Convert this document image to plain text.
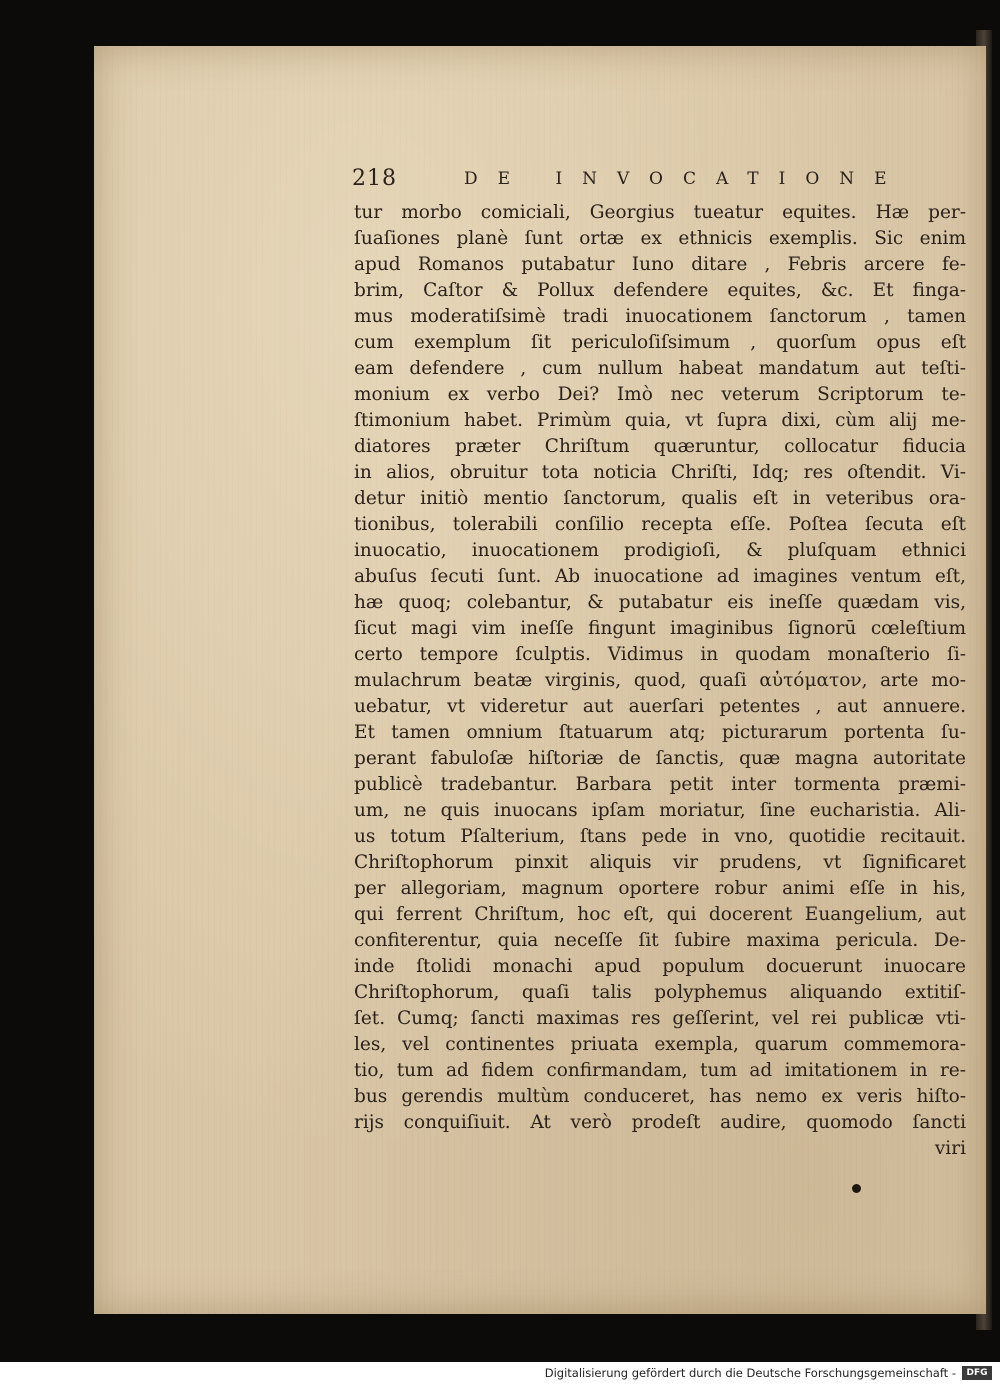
218	DE INVOCATIONE
tur morbo comiciali, Georgius tueatur equites. Hæ per-
ſuaſiones planè ſunt ortæ ex ethnicis exemplis. Sic enim
apud Romanos putabatur Iuno ditare , Febris arcere fe-
brim, Caſtor & Pollux defendere equites, &c. Et finga-
mus moderatiſsimè tradi inuocationem ſanctorum , tamen
cum exemplum ſit periculoſiſsimum , quorſum opus eſt
eam defendere , cum nullum habeat mandatum aut teſti-
monium ex verbo Dei? Imò nec veterum Scriptorum te-
ſtimonium habet. Primùm quia, vt ſupra dixi, cùm alij me-
diatores præter Chriſtum quæruntur, collocatur fiducia
in alios, obruitur tota noticia Chriſti, Idq; res oſtendit. Vi-
detur initiò mentio ſanctorum, qualis eſt in veteribus ora-
tionibus, tolerabili conſilio recepta eſſe. Poſtea ſecuta eſt
inuocatio, inuocationem prodigioſi, & pluſquam ethnici
abuſus ſecuti ſunt. Ab inuocatione ad imagines ventum eſt,
hæ quoq; colebantur, & putabatur eis ineſſe quædam vis,
ſicut magi vim ineſſe fingunt imaginibus ſignorū cœleſtium
certo tempore ſculptis. Vidimus in quodam monaſterio ſi-
mulachrum beatæ virginis, quod, quaſi αὐτόματον, arte mo-
uebatur, vt videretur aut auerſari petentes , aut annuere.
Et tamen omnium ſtatuarum atq; picturarum portenta ſu-
perant fabuloſæ hiſtoriæ de ſanctis, quæ magna autoritate
publicè tradebantur. Barbara petit inter tormenta præmi-
um, ne quis inuocans ipſam moriatur, ſine eucharistia. Ali-
us totum Pſalterium, ſtans pede in vno, quotidie recitauit.
Chriſtophorum pinxit aliquis vir prudens, vt ſignificaret
per allegoriam, magnum oportere robur animi eſſe in his,
qui ferrent Chriſtum, hoc eſt, qui docerent Euangelium, aut
confiterentur, quia neceſſe ſit ſubire maxima pericula. De-
inde ſtolidi monachi apud populum docuerunt inuocare
Chriſtophorum, quaſi talis polyphemus aliquando extitiſ-
ſet. Cumq; ſancti maximas res geſſerint, vel rei publicæ vti-
les, vel continentes priuata exempla, quarum commemora-
tio, tum ad fidem confirmandam, tum ad imitationem in re-
bus gerendis multùm conduceret, has nemo ex veris hiſto-
rijs conquiſiuit. At verò prodeſt audire, quomodo ſancti
viri
Digitalisierung gefördert durch die Deutsche Forschungsgemeinschaft -	DFG
